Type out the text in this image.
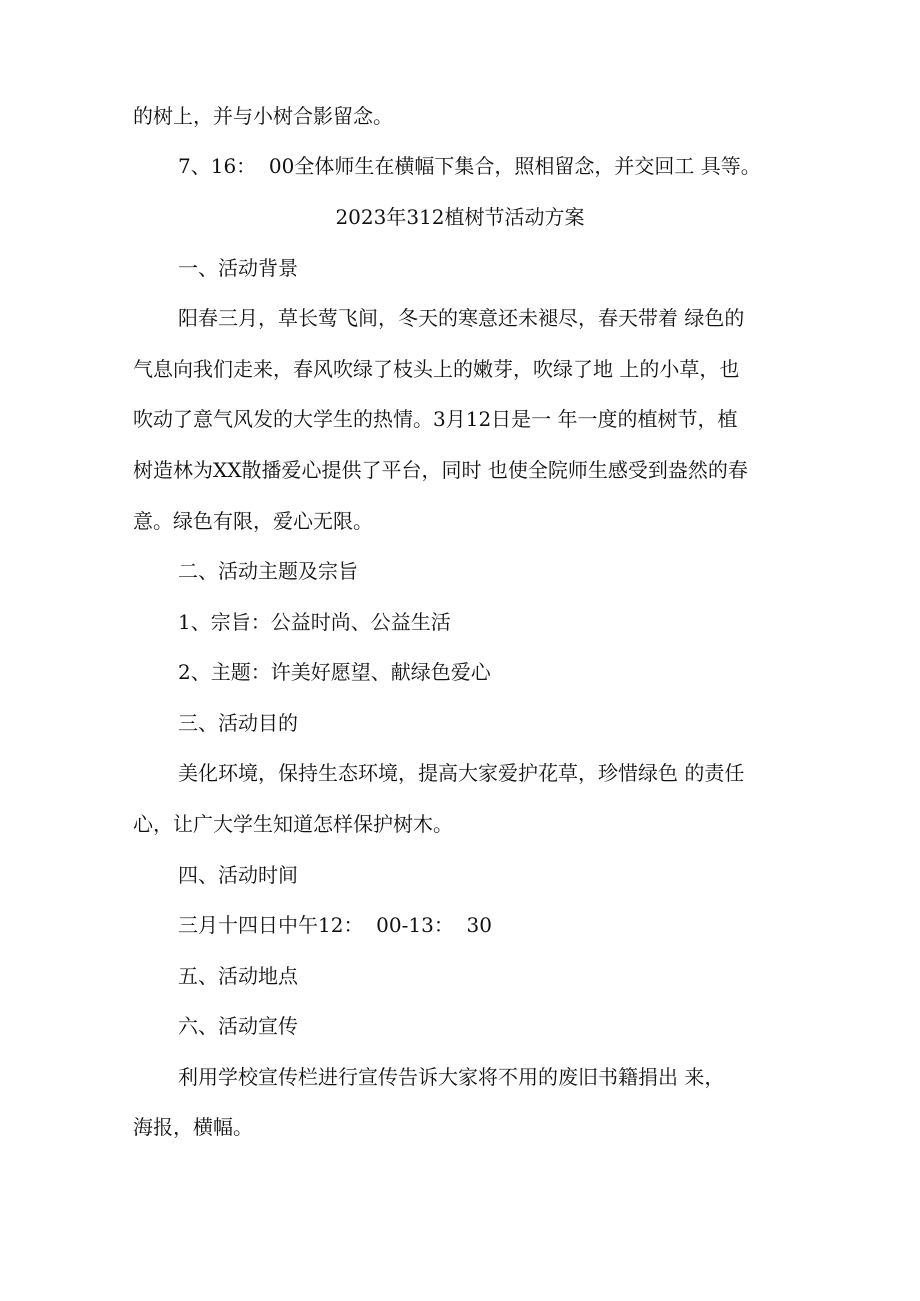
的树上，并与小树合影留念。
7、16：  00全体师生在横幅下集合，照相留念，并交回工 具等。
2023年312植树节活动方案
一、活动背景
阳春三月，草长莺飞间，冬天的寒意还未褪尽，春天带着 绿色的
气息向我们走来，春风吹绿了枝头上的嫩芽，吹绿了地 上的小草，也
吹动了意气风发的大学生的热情。3月12日是一 年一度的植树节，植
树造林为XX散播爱心提供了平台，同时 也使全院师生感受到盎然的春
意。绿色有限，爱心无限。
二、活动主题及宗旨
1、宗旨：公益时尚、公益生活
2、主题：许美好愿望、献绿色爱心
三、活动目的
美化环境，保持生态环境，提高大家爱护花草，珍惜绿色 的责任
心，让广大学生知道怎样保护树木。
四、活动时间
三月十四日中午12：  00-13：  30
五、活动地点
六、活动宣传
利用学校宣传栏进行宣传告诉大家将不用的废旧书籍捐出 来，
海报，横幅。
